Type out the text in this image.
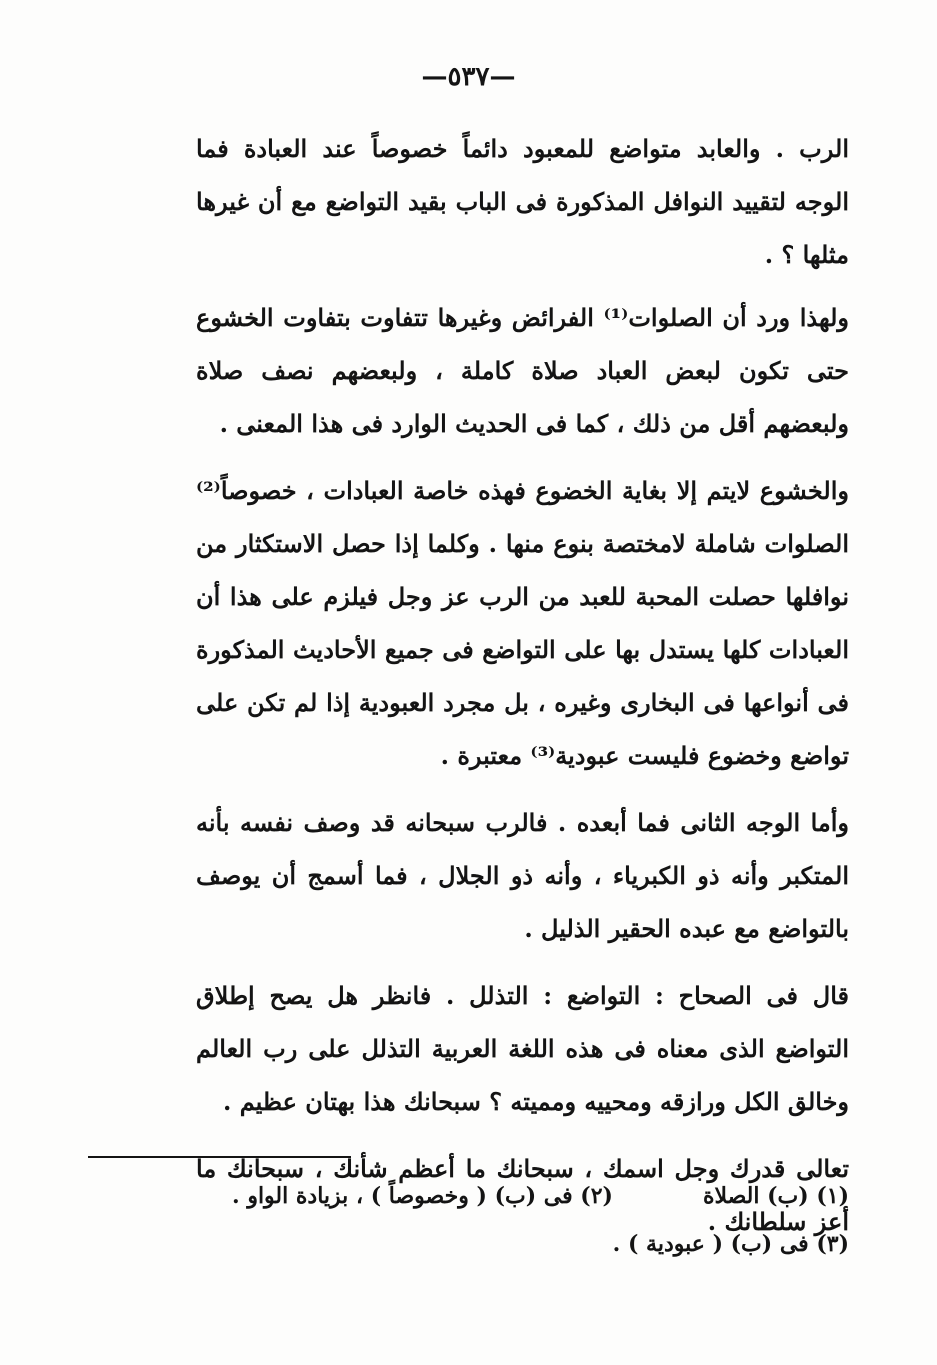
—٥٣٧—

الرب . والعابد متواضع للمعبود دائماً خصوصاً عند العبادة فما الوجه لتقييد النوافل المذكورة فى الباب بقيد التواضع مع أن غيرها مثلها ؟ .

ولهذا ورد أن الصلوات⁽¹⁾ الفرائض وغيرها تتفاوت بتفاوت الخشوع حتى تكون لبعض العباد صلاة كاملة ، ولبعضهم نصف صلاة ولبعضهم أقل من ذلك ، كما فى الحديث الوارد فى هذا المعنى .

والخشوع لايتم إلا بغاية الخضوع فهذه خاصة العبادات ، خصوصاً⁽²⁾ الصلوات شاملة لامختصة بنوع منها . وكلما إذا حصل الاستكثار من نوافلها حصلت المحبة للعبد من الرب عز وجل فيلزم على هذا أن العبادات كلها يستدل بها على التواضع فى جميع الأحاديث المذكورة فى أنواعها فى البخارى وغيره ، بل مجرد العبودية إذا لم تكن على تواضع وخضوع فليست عبودية⁽³⁾ معتبرة .

وأما الوجه الثانى فما أبعده . فالرب سبحانه قد وصف نفسه بأنه المتكبر وأنه ذو الكبرياء ، وأنه ذو الجلال ، فما أسمج أن يوصف بالتواضع مع عبده الحقير الذليل .

قال فى الصحاح : التواضع : التذلل . فانظر هل يصح إطلاق التواضع الذى معناه فى هذه اللغة العربية التذلل على رب العالم وخالق الكل ورازقه ومحييه ومميته ؟ سبحانك هذا بهتان عظيم .

تعالى قدرك وجل اسمك ، سبحانك ما أعظم شأنك ، سبحانك ما أعز سلطانك .

(١) (ب) الصلاة
(٢) فى (ب) ( وخصوصاً ) ، بزيادة الواو .
(٣) فى (ب) ( عبودية ) .
